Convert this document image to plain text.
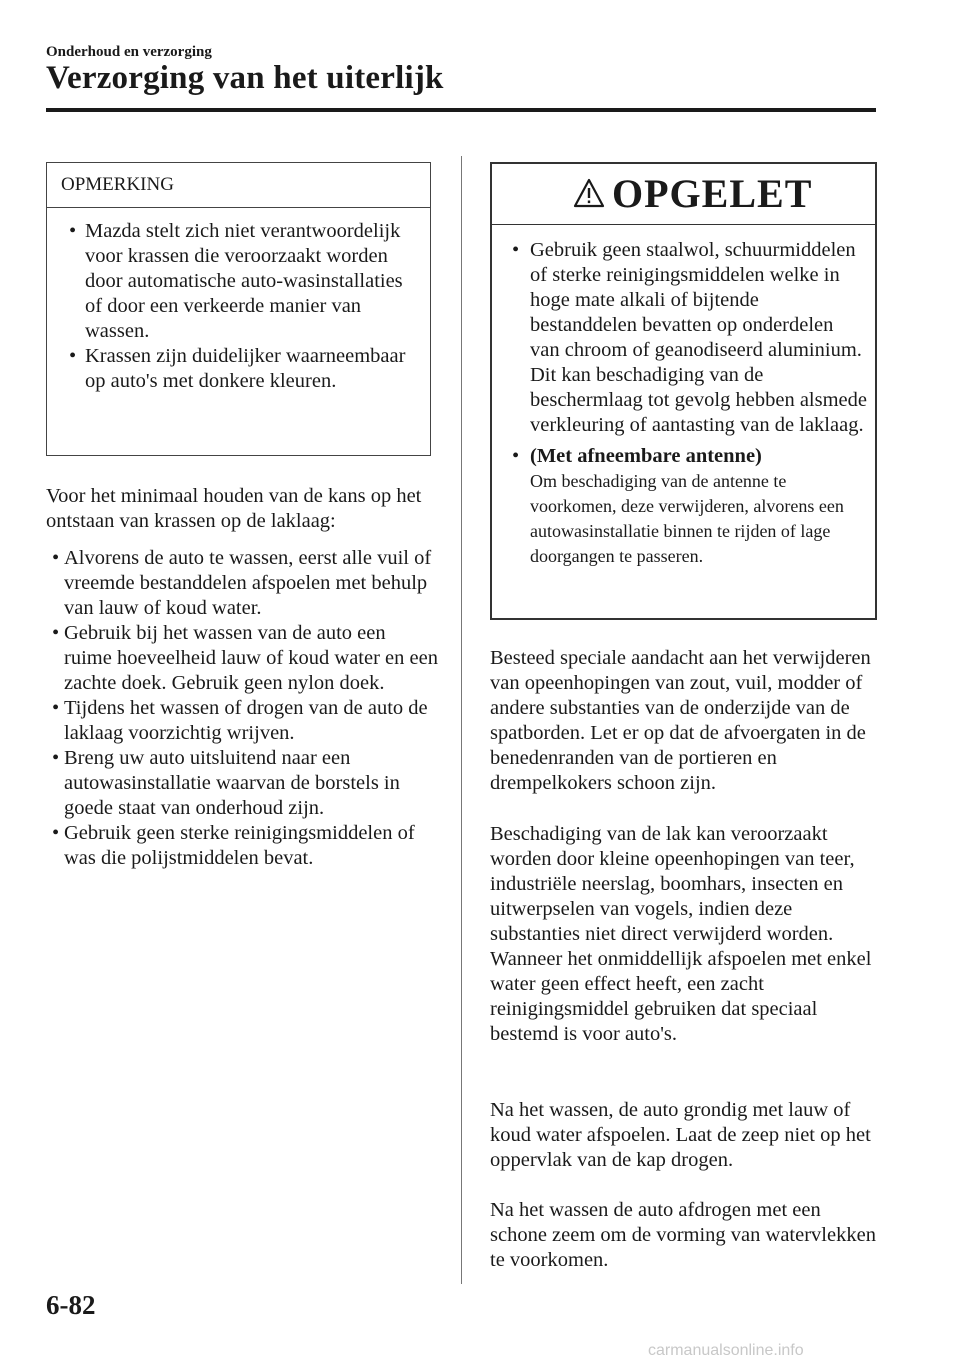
Onderhoud en verzorging
Verzorging van het uiterlijk
OPMERKING
• Mazda stelt zich niet verantwoordelijk voor krassen die veroorzaakt worden door automatische auto-wasinstallaties of door een verkeerde manier van wassen.
• Krassen zijn duidelijker waarneembaar op auto's met donkere kleuren.
Voor het minimaal houden van de kans op het ontstaan van krassen op de laklaag:
• Alvorens de auto te wassen, eerst alle vuil of vreemde bestanddelen afspoelen met behulp van lauw of koud water.
• Gebruik bij het wassen van de auto een ruime hoeveelheid lauw of koud water en een zachte doek. Gebruik geen nylon doek.
• Tijdens het wassen of drogen van de auto de laklaag voorzichtig wrijven.
• Breng uw auto uitsluitend naar een autowasinstallatie waarvan de borstels in goede staat van onderhoud zijn.
• Gebruik geen sterke reinigingsmiddelen of was die polijstmiddelen bevat.
OPGELET
• Gebruik geen staalwol, schuurmiddelen of sterke reinigingsmiddelen welke in hoge mate alkali of bijtende bestanddelen bevatten op onderdelen van chroom of geanodiseerd aluminium. Dit kan beschadiging van de beschermlaag tot gevolg hebben alsmede verkleuring of aantasting van de laklaag.
• (Met afneembare antenne)
Om beschadiging van de antenne te voorkomen, deze verwijderen, alvorens een autowasinstallatie binnen te rijden of lage doorgangen te passeren.
Besteed speciale aandacht aan het verwijderen van opeenhopingen van zout, vuil, modder of andere substanties van de onderzijde van de spatborden. Let er op dat de afvoergaten in de benedenranden van de portieren en drempelkokers schoon zijn.
Beschadiging van de lak kan veroorzaakt worden door kleine opeenhopingen van teer, industriële neerslag, boomhars, insecten en uitwerpselen van vogels, indien deze substanties niet direct verwijderd worden. Wanneer het onmiddellijk afspoelen met enkel water geen effect heeft, een zacht reinigingsmiddel gebruiken dat speciaal bestemd is voor auto's.
Na het wassen, de auto grondig met lauw of koud water afspoelen. Laat de zeep niet op het oppervlak van de kap drogen.
Na het wassen de auto afdrogen met een schone zeem om de vorming van watervlekken te voorkomen.
6-82
carmanualsonline.info
